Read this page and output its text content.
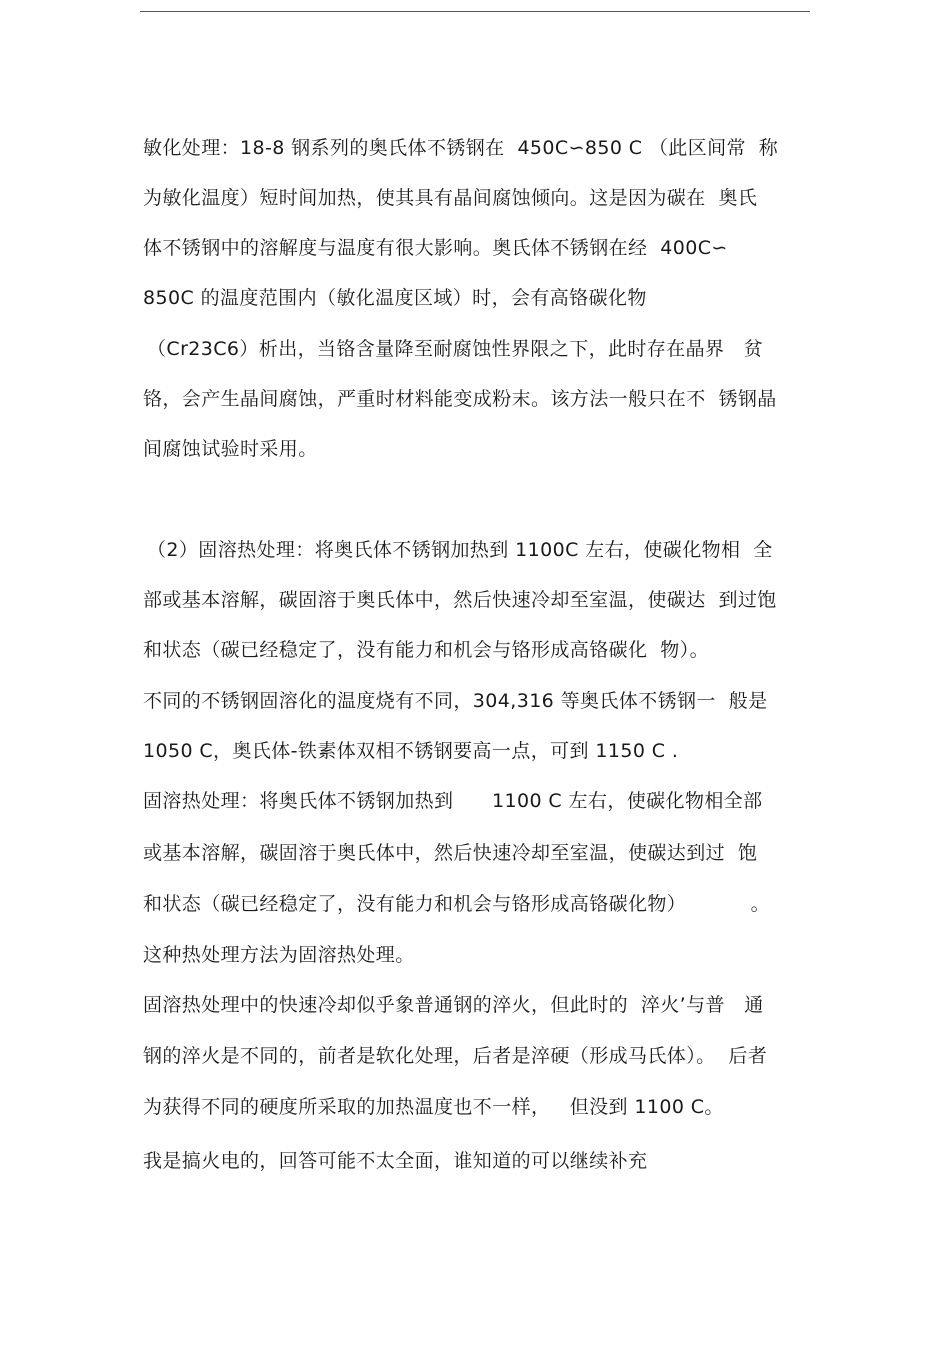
敏化处理：18-8 钢系列的奥氏体不锈钢在  450C∽850 C （此区间常  称
为敏化温度）短时间加热，使其具有晶间腐蚀倾向。这是因为碳在  奥氏
体不锈钢中的溶解度与温度有很大影响。奥氏体不锈钢在经  400C∽
850C 的温度范围内（敏化温度区域）时，会有高铬碳化物
（Cr23C6）析出，当铬含量降至耐腐蚀性界限之下，此时存在晶界   贫
铬，会产生晶间腐蚀，严重时材料能变成粉末。该方法一般只在不  锈钢晶
间腐蚀试验时采用。
（2）固溶热处理：将奥氏体不锈钢加热到 1100C 左右，使碳化物相  全
部或基本溶解，碳固溶于奥氏体中，然后快速冷却至室温，使碳达  到过饱
和状态（碳已经稳定了，没有能力和机会与铬形成高铬碳化  物）。
不同的不锈钢固溶化的温度烧有不同，304,316 等奥氏体不锈钢一  般是
1050 C，奥氏体-铁素体双相不锈钢要高一点，可到 1150 C .
固溶热处理：将奥氏体不锈钢加热到      1100 C 左右，使碳化物相全部
或基本溶解，碳固溶于奥氏体中，然后快速冷却至室温，使碳达到过  饱
和状态（碳已经稳定了，没有能力和机会与铬形成高铬碳化物）          。
这种热处理方法为固溶热处理。
固溶热处理中的快速冷却似乎象普通钢的淬火，但此时的  淬火’与普   通
钢的淬火是不同的，前者是软化处理，后者是淬硬（形成马氏体）。  后者
为获得不同的硬度所采取的加热温度也不一样，   但没到 1100 C。
我是搞火电的，回答可能不太全面，谁知道的可以继续补充
